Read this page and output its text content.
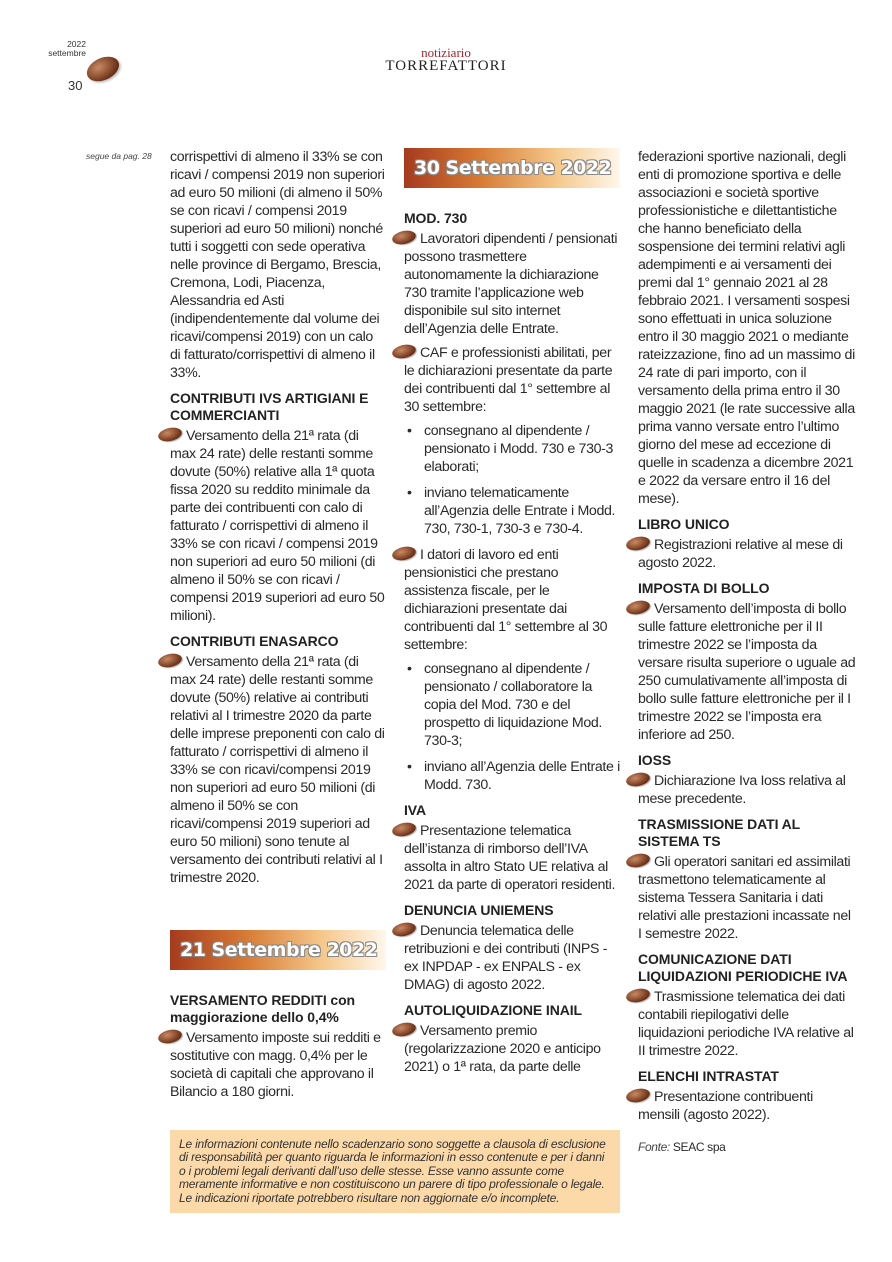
2022
settembre
30
notiziario
TORREFATTORI
segue da pag. 28 corrispettivi di almeno il 33% se con ricavi / compensi 2019 non superiori ad euro 50 milioni (di almeno il 50% se con ricavi / compensi 2019 superiori ad euro 50 milioni) nonché tutti i soggetti con sede operativa nelle province di Bergamo, Brescia, Cremona, Lodi, Piacenza, Alessandria ed Asti (indipendentemente dal volume dei ricavi/compensi 2019) con un calo di fatturato/corrispettivi di almeno il 33%.

CONTRIBUTI IVS ARTIGIANI E COMMERCIANTI

Versamento della 21ª rata (di max 24 rate) delle restanti somme dovute (50%) relative alla 1ª quota fissa 2020 su reddito minimale da parte dei contribuenti con calo di fatturato / corrispettivi di almeno il 33% se con ricavi / compensi 2019 non superiori ad euro 50 milioni (di almeno il 50% se con ricavi / compensi 2019 superiori ad euro 50 milioni).

CONTRIBUTI ENASARCO

Versamento della 21ª rata (di max 24 rate) delle restanti somme dovute (50%) relative ai contributi relativi al I trimestre 2020 da parte delle imprese preponenti con calo di fatturato / corrispettivi di almeno il 33% se con ricavi/compensi 2019 non superiori ad euro 50 milioni (di almeno il 50% se con ricavi/compensi 2019 superiori ad euro 50 milioni) sono tenute al versamento dei contributi relativi al I trimestre 2020.

21 Settembre 2022
VERSAMENTO REDDITI con maggiorazione dello 0,4%

Versamento imposte sui redditi e sostitutive con magg. 0,4% per le società di capitali che approvano il Bilancio a 180 giorni.

30 Settembre 2022
MOD. 730

Lavoratori dipendenti / pensionati possono trasmettere autonomamente la dichiarazione 730 tramite l’applicazione web disponibile sul sito internet dell’Agenzia delle Entrate.

CAF e professionisti abilitati, per le dichiarazioni presentate da parte dei contribuenti dal 1° settembre al 30 settembre:

• consegnano al dipendente / pensionato i Modd. 730 e 730-3 elaborati;
• inviano telematicamente all’Agenzia delle Entrate i Modd. 730, 730-1, 730-3 e 730-4.

I datori di lavoro ed enti pensionistici che prestano assistenza fiscale, per le dichiarazioni presentate dai contribuenti dal 1° settembre al 30 settembre:

• consegnano al dipendente / pensionato / collaboratore la copia del Mod. 730 e del prospetto di liquidazione Mod. 730-3;
• inviano all’Agenzia delle Entrate i Modd. 730.
IVA

Presentazione telematica dell’istanza di rimborso dell’IVA assolta in altro Stato UE relativa al 2021 da parte di operatori residenti.

DENUNCIA UNIEMENS

Denuncia telematica delle retribuzioni e dei contributi (INPS - ex INPDAP - ex ENPALS - ex DMAG) di agosto 2022.

AUTOLIQUIDAZIONE INAIL

Versamento premio (regolarizzazione 2020 e anticipo 2021) o 1ª rata, da parte delle

federazioni sportive nazionali, degli enti di promozione sportiva e delle associazioni e società sportive professionistiche e dilettantistiche che hanno beneficiato della sospensione dei termini relativi agli adempimenti e ai versamenti dei premi dal 1° gennaio 2021 al 28 febbraio 2021. I versamenti sospesi sono effettuati in unica soluzione entro il 30 maggio 2021 o mediante rateizzazione, fino ad un massimo di 24 rate di pari importo, con il versamento della prima entro il 30 maggio 2021 (le rate successive alla prima vanno versate entro l’ultimo giorno del mese ad eccezione di quelle in scadenza a dicembre 2021 e 2022 da versare entro il 16 del mese).

LIBRO UNICO

Registrazioni relative al mese di agosto 2022.

IMPOSTA DI BOLLO

Versamento dell’imposta di bollo sulle fatture elettroniche per il II trimestre 2022 se l’imposta da versare risulta superiore o uguale ad 250 cumulativamente all’imposta di bollo sulle fatture elettroniche per il I trimestre 2022 se l’imposta era inferiore ad 250.

IOSS

Dichiarazione Iva Ioss relativa al mese precedente.

TRASMISSIONE DATI AL SISTEMA TS

Gli operatori sanitari ed assimilati trasmettono telematicamente al sistema Tessera Sanitaria i dati relativi alle prestazioni incassate nel I semestre 2022.

COMUNICAZIONE DATI LIQUIDAZIONI PERIODICHE IVA

Trasmissione telematica dei dati contabili riepilogativi delle liquidazioni periodiche IVA relative al II trimestre 2022.

ELENCHI INTRASTAT

Presentazione contribuenti mensili (agosto 2022).

Fonte: SEAC spa
Le informazioni contenute nello scadenzario sono soggette a clausola di esclusione di responsabilità per quanto riguarda le informazioni in esso contenute e per i danni o i problemi legali derivanti dall’uso delle stesse. Esse vanno assunte come meramente informative e non costituiscono un parere di tipo professionale o legale. Le indicazioni riportate potrebbero risultare non aggiornate e/o incomplete.
